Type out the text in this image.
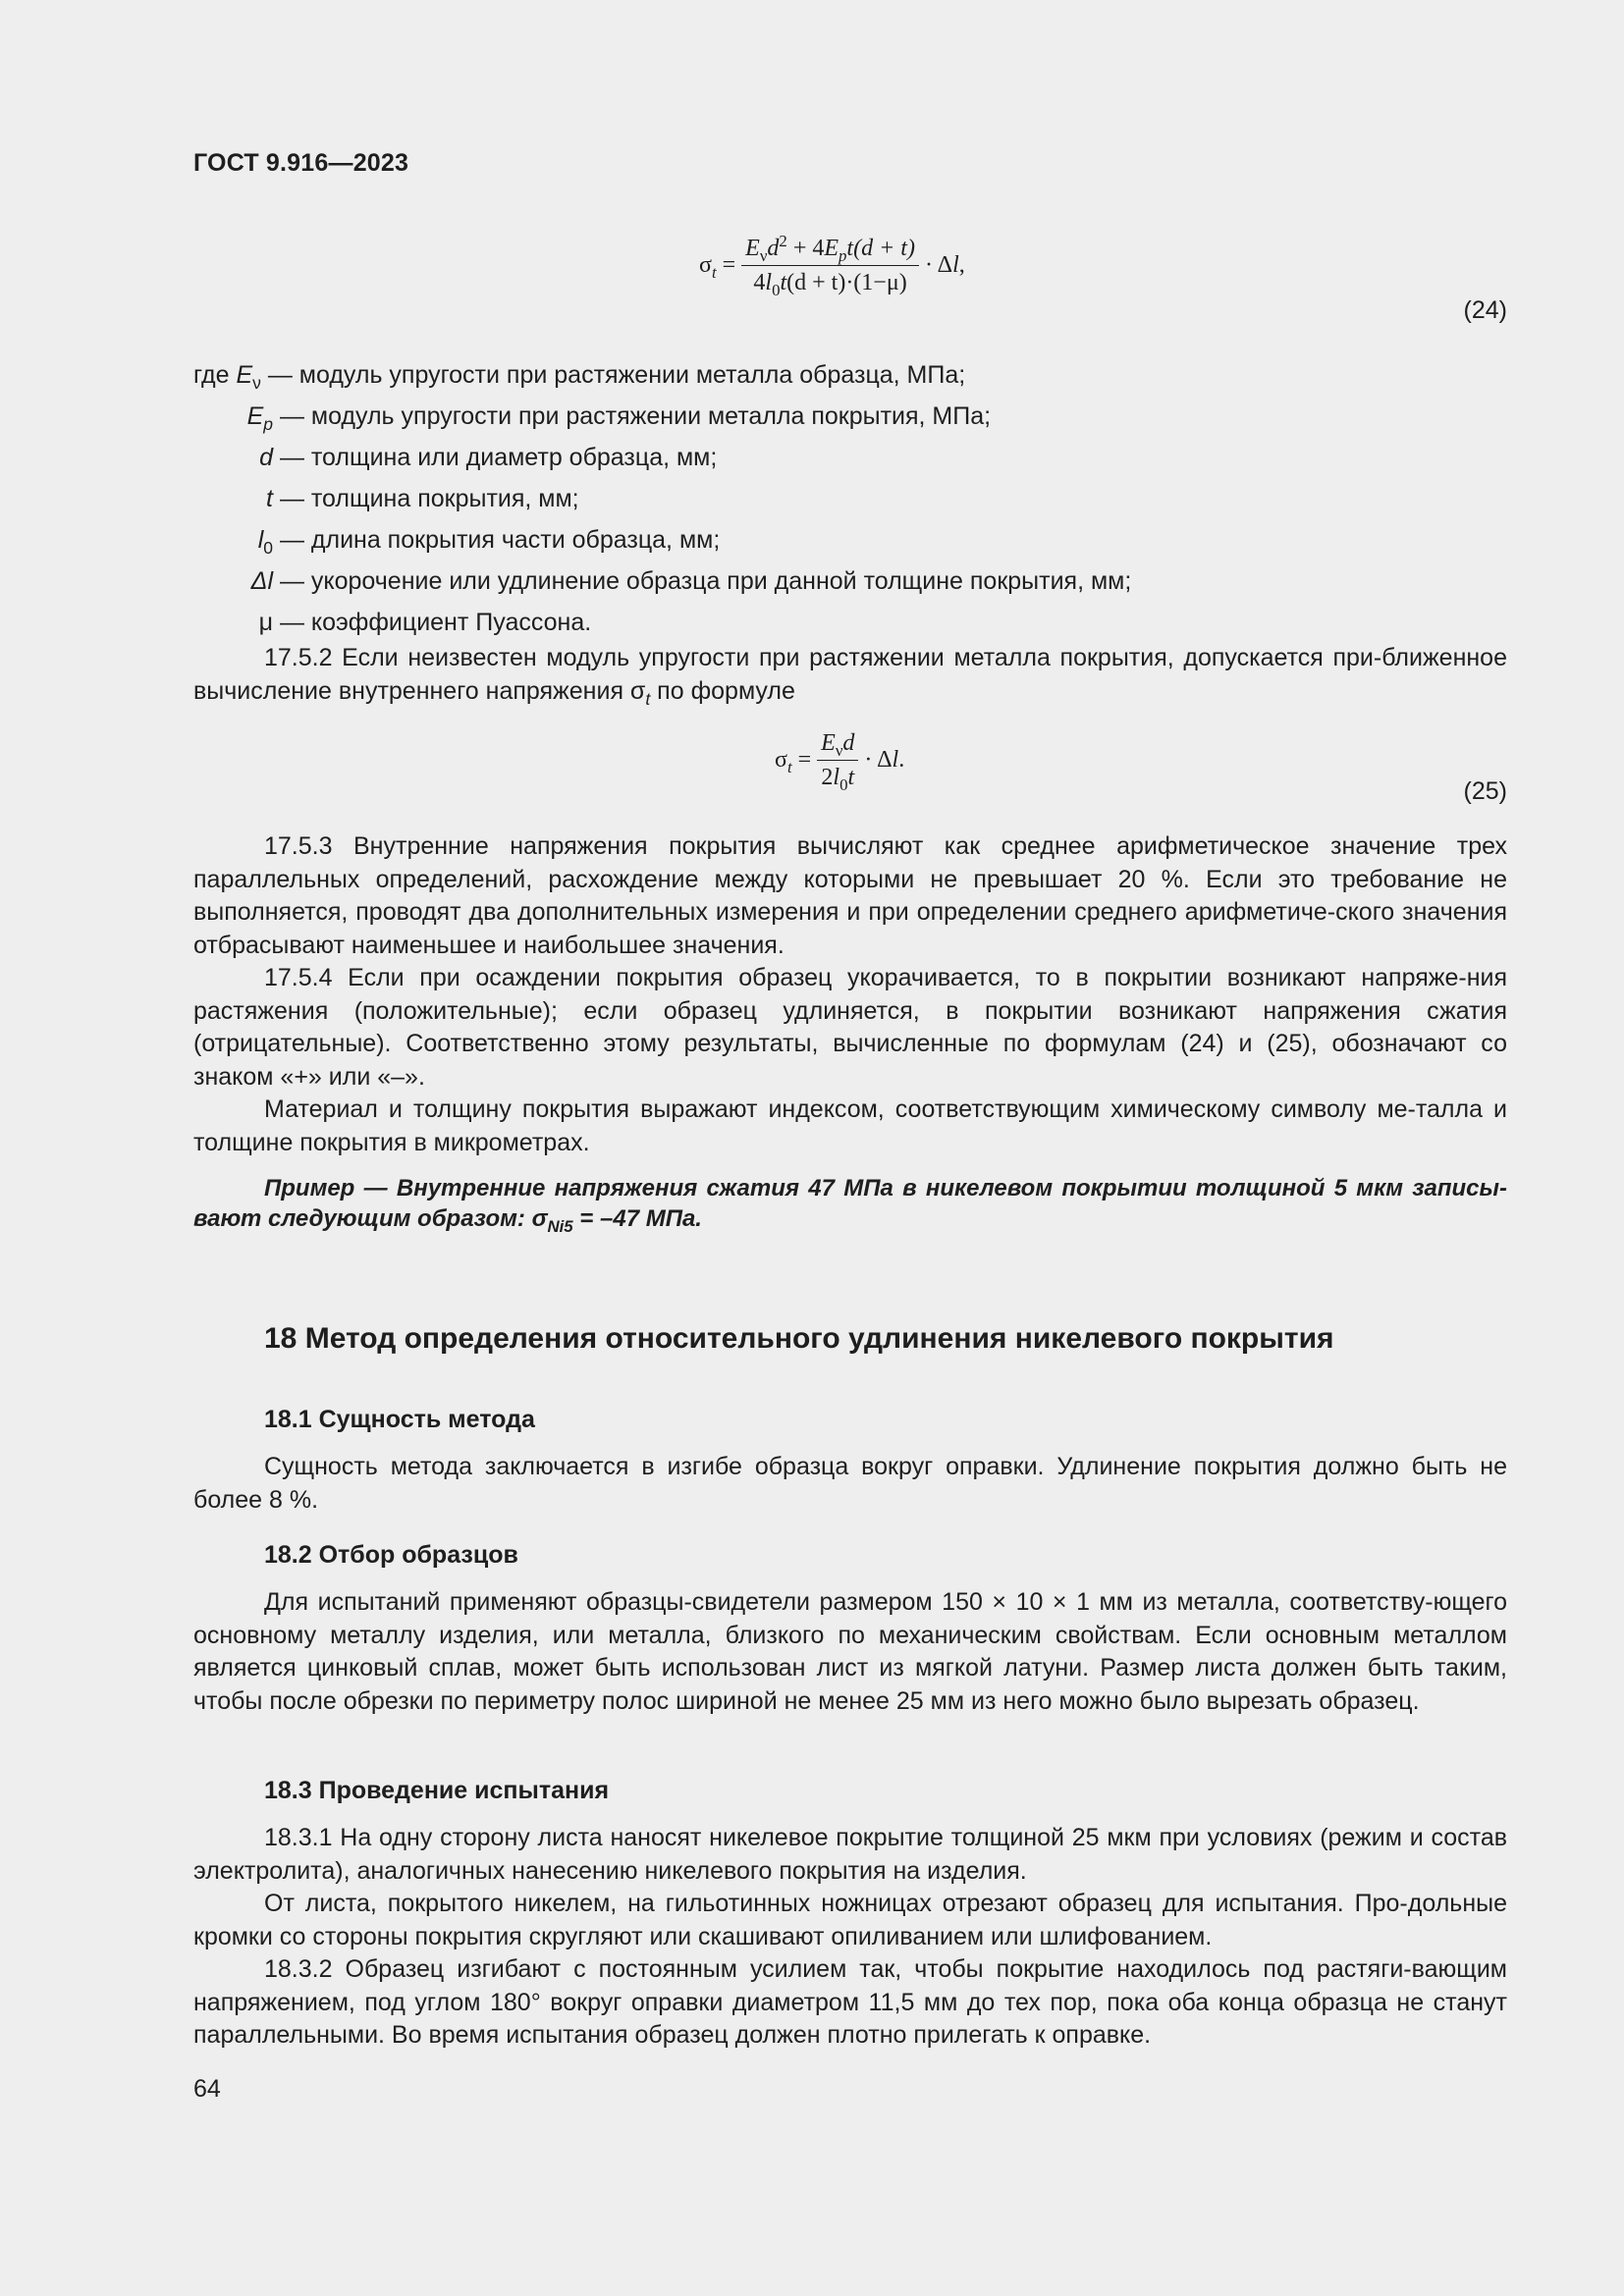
ГОСТ 9.916—2023
$\sigma_t = \frac{E_\nu d^2 + 4E_pt(d + t)}{4l_0t(d + t)\cdot(1-\mu)} \cdot \Delta l$,
(24)
где $E_\nu$ — модуль упругости при растяжении металла образца, МПа;
$E_p$ — модуль упругости при растяжении металла покрытия, МПа;
d — толщина или диаметр образца, мм;
t — толщина покрытия, мм;
$l_0$ — длина покрытия части образца, мм;
Δl — укорочение или удлинение образца при данной толщине покрытия, мм;
μ — коэффициент Пуассона.

17.5.2 Если неизвестен модуль упругости при растяжении металла покрытия, допускается при-ближенное вычисление внутреннего напряжения $\sigma_t$ по формуле

$\sigma_t = \frac{E_\nu d}{2l_0t} \cdot \Delta l$.
(25)

17.5.3 Внутренние напряжения покрытия вычисляют как среднее арифметическое значение трех параллельных определений, расхождение между которыми не превышает 20 %. Если это требование не выполняется, проводят два дополнительных измерения и при определении среднего арифметиче-ского значения отбрасывают наименьшее и наибольшее значения.

17.5.4 Если при осаждении покрытия образец укорачивается, то в покрытии возникают напряже-ния растяжения (положительные); если образец удлиняется, в покрытии возникают напряжения сжатия (отрицательные). Соответственно этому результаты, вычисленные по формулам (24) и (25), обозначают со знаком «+» или «–».

Материал и толщину покрытия выражают индексом, соответствующим химическому символу ме-талла и толщине покрытия в микрометрах.

Пример — Внутренние напряжения сжатия 47 МПа в никелевом покрытии толщиной 5 мкм записы-вают следующим образом: $\sigma_{Ni5} = -47$ МПа.

18 Метод определения относительного удлинения никелевого покрытия
18.1 Сущность метода

Сущность метода заключается в изгибе образца вокруг оправки. Удлинение покрытия должно быть не более 8 %.

18.2 Отбор образцов

Для испытаний применяют образцы-свидетели размером 150 × 10 × 1 мм из металла, соответству-ющего основному металлу изделия, или металла, близкого по механическим свойствам. Если основным металлом является цинковый сплав, может быть использован лист из мягкой латуни. Размер листа должен быть таким, чтобы после обрезки по периметру полос шириной не менее 25 мм из него можно было вырезать образец.

18.3 Проведение испытания

18.3.1 На одну сторону листа наносят никелевое покрытие толщиной 25 мкм при условиях (режим и состав электролита), аналогичных нанесению никелевого покрытия на изделия.

От листа, покрытого никелем, на гильотинных ножницах отрезают образец для испытания. Про-дольные кромки со стороны покрытия скругляют или скашивают опиливанием или шлифованием.

18.3.2 Образец изгибают с постоянным усилием так, чтобы покрытие находилось под растяги-вающим напряжением, под углом 180° вокруг оправки диаметром 11,5 мм до тех пор, пока оба конца образца не станут параллельными. Во время испытания образец должен плотно прилегать к оправке.

64
